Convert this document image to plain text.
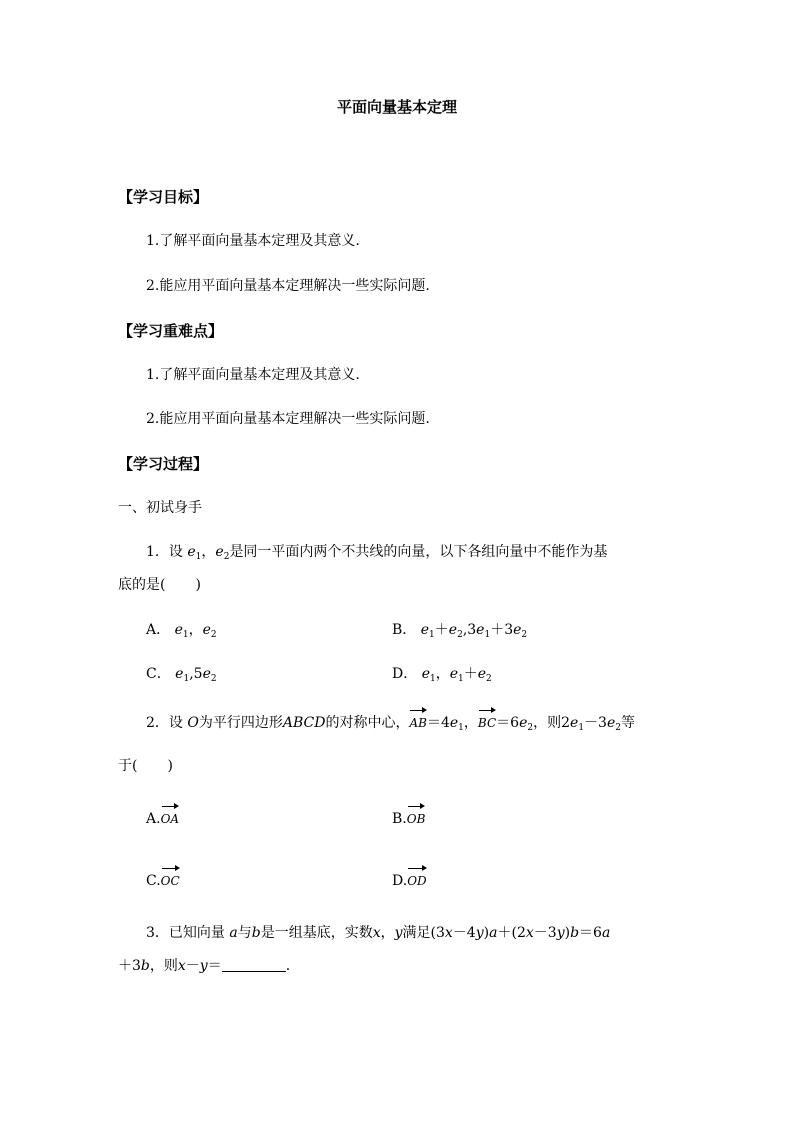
平面向量基本定理
【学习目标】
1.了解平面向量基本定理及其意义.
2.能应用平面向量基本定理解决一些实际问题.
【学习重难点】
1.了解平面向量基本定理及其意义.
2.能应用平面向量基本定理解决一些实际问题.
【学习过程】
一、初试身手
1．设 $e_1$，$e_2$是同一平面内两个不共线的向量，以下各组向量中不能作为基
底的是( )
A． $e_1$，$e_2$	B． $e_1+e_2,3e_1+3e_2$
C． $e_1,5e_2$	D． $e_1$，$e_1+e_2$
2．设 O为平行四边形ABCD的对称中心，$AB=4e_1$，$BC=6e_2$，则$2e_1-3e_2$等
于( )
A.OA	B.OB
C.OC	D.OD
3．已知向量 a与b是一组基底，实数x，y满足(3x－4y)a＋(2x－3y)b＝6a
＋3b，则x－y＝	.
